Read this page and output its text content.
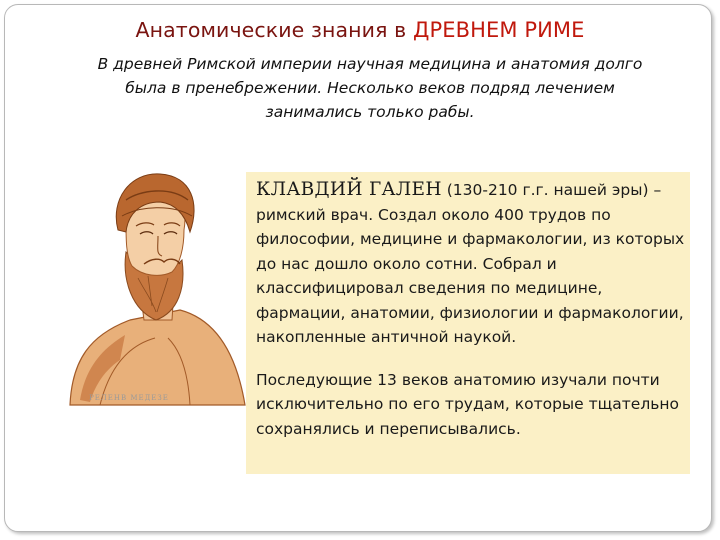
Анатомические знания в ДРЕВНЕМ РИМЕ
В древней Римской империи научная медицина и анатомия долго
была в пренебрежении. Несколько веков подряд лечением
занимались только рабы.
РЕЛЕНВ МЕДЕЗЕ

КЛАВДИЙ ГАЛЕН (130-210 г.г. нашей эры) – римский врач. Создал около 400 трудов по философии, медицине и фармакологии, из которых до нас дошло около сотни. Собрал и классифицировал сведения по медицине, фармации, анатомии, физиологии и фармакологии, накопленные античной наукой.

Последующие 13 веков анатомию изучали почти исключительно по его трудам, которые тщательно сохранялись и переписывались.
